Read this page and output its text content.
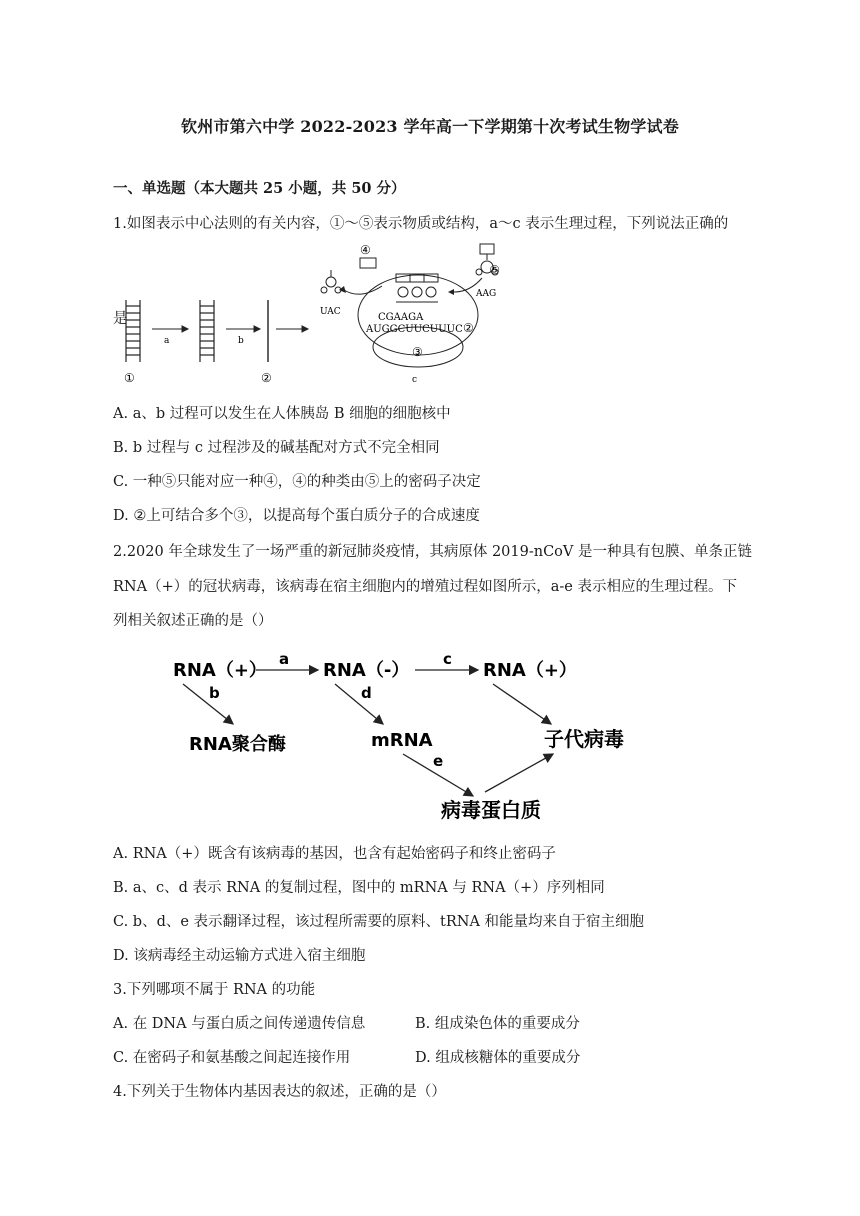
钦州市第六中学 2022-2023 学年高一下学期第十次考试生物学试卷
一、单选题（本大题共 25 小题，共 50 分）
1.如图表示中心法则的有关内容，①～⑤表示物质或结构，a～c 表示生理过程，下列说法正确的
是
①
a	b
②
③
c
④
CGAAGA
AUGGCUUCUUUC ②
UAC
AAG
⑤
A. a、b 过程可以发生在人体胰岛 B 细胞的细胞核中
B. b 过程与 c 过程涉及的碱基配对方式不完全相同
C. 一种⑤只能对应一种④，④的种类由⑤上的密码子决定
D. ②上可结合多个③，以提高每个蛋白质分子的合成速度
2.2020 年全球发生了一场严重的新冠肺炎疫情，其病原体 2019-nCoV 是一种具有包膜、单条正链
RNA（+）的冠状病毒，该病毒在宿主细胞内的增殖过程如图所示，a-e 表示相应的生理过程。下
列相关叙述正确的是（）
RNA（+）	RNA（-）	RNA（+）
RNA聚合酶	mRNA	子代病毒
病毒蛋白质
a	c
b	d
e
A. RNA（+）既含有该病毒的基因，也含有起始密码子和终止密码子
B. a、c、d 表示 RNA 的复制过程，图中的 mRNA 与 RNA（+）序列相同
C. b、d、e 表示翻译过程，该过程所需要的原料、tRNA 和能量均来自于宿主细胞
D. 该病毒经主动运输方式进入宿主细胞
3.下列哪项不属于 RNA 的功能
A. 在 DNA 与蛋白质之间传递遗传信息	B. 组成染色体的重要成分
C. 在密码子和氨基酸之间起连接作用	D. 组成核糖体的重要成分
4.下列关于生物体内基因表达的叙述，正确的是（）
